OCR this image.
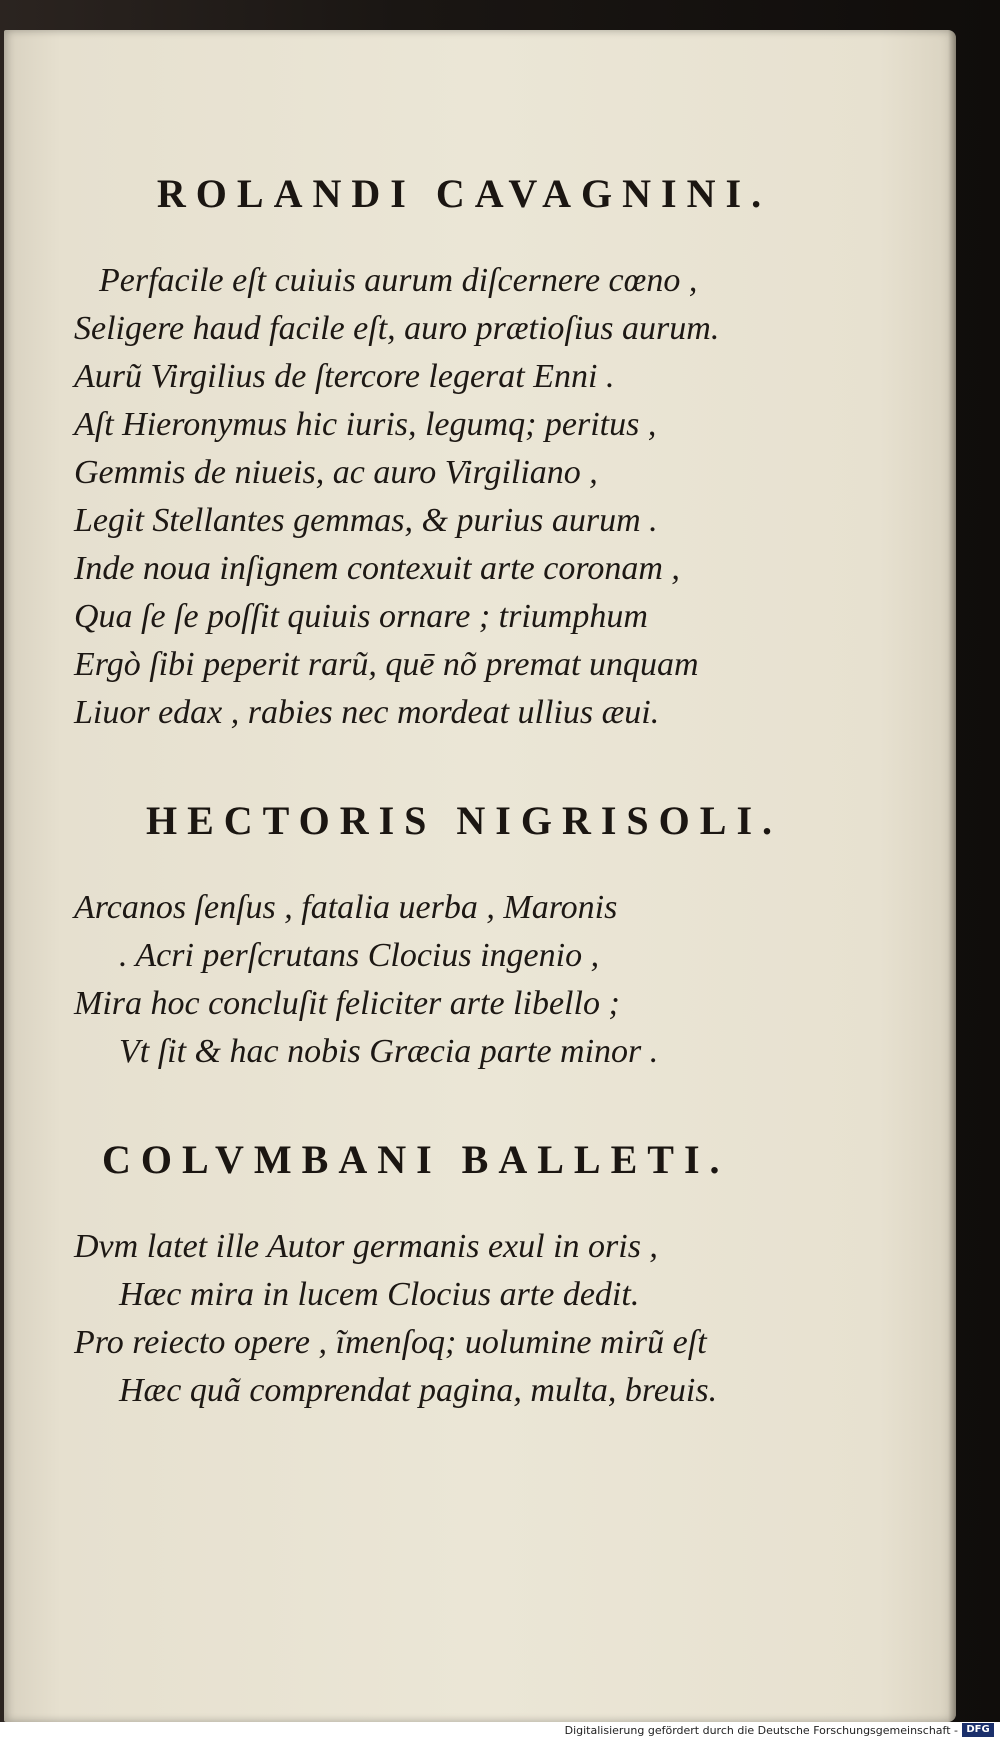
ROLANDI CAVAGNINI.

Perfacile eſt cuiuis aurum diſcernere cœno ,

Seligere haud facile eſt, auro prætioſius aurum.

Aurũ Virgilius de ſtercore legerat Enni .

Aſt Hieronymus hic iuris, legumq; peritus ,

Gemmis de niueis, ac auro Virgiliano ,

Legit Stellantes gemmas, & purius aurum .

Inde noua inſignem contexuit arte coronam ,

Qua ſe ſe poſſit quiuis ornare ; triumphum

Ergò ſibi peperit rarũ, quē nõ premat unquam

Liuor edax , rabies nec mordeat ullius æui.

HECTORIS NIGRISOLI.

Arcanos ſenſus , fatalia uerba , Maronis

. Acri perſcrutans Clocius ingenio ,

Mira hoc concluſit feliciter arte libello ;

Vt ſit & hac nobis Græcia parte minor .

COLVMBANI BALLETI.

Dvm latet ille Autor germanis exul in oris ,

Hæc mira in lucem Clocius arte dedit.

Pro reiecto opere , ĩmenſoq; uolumine mirũ eſt

Hæc quã comprendat pagina, multa, breuis.

Digitalisierung gefördert durch die Deutsche Forschungsgemeinschaft - DFG
